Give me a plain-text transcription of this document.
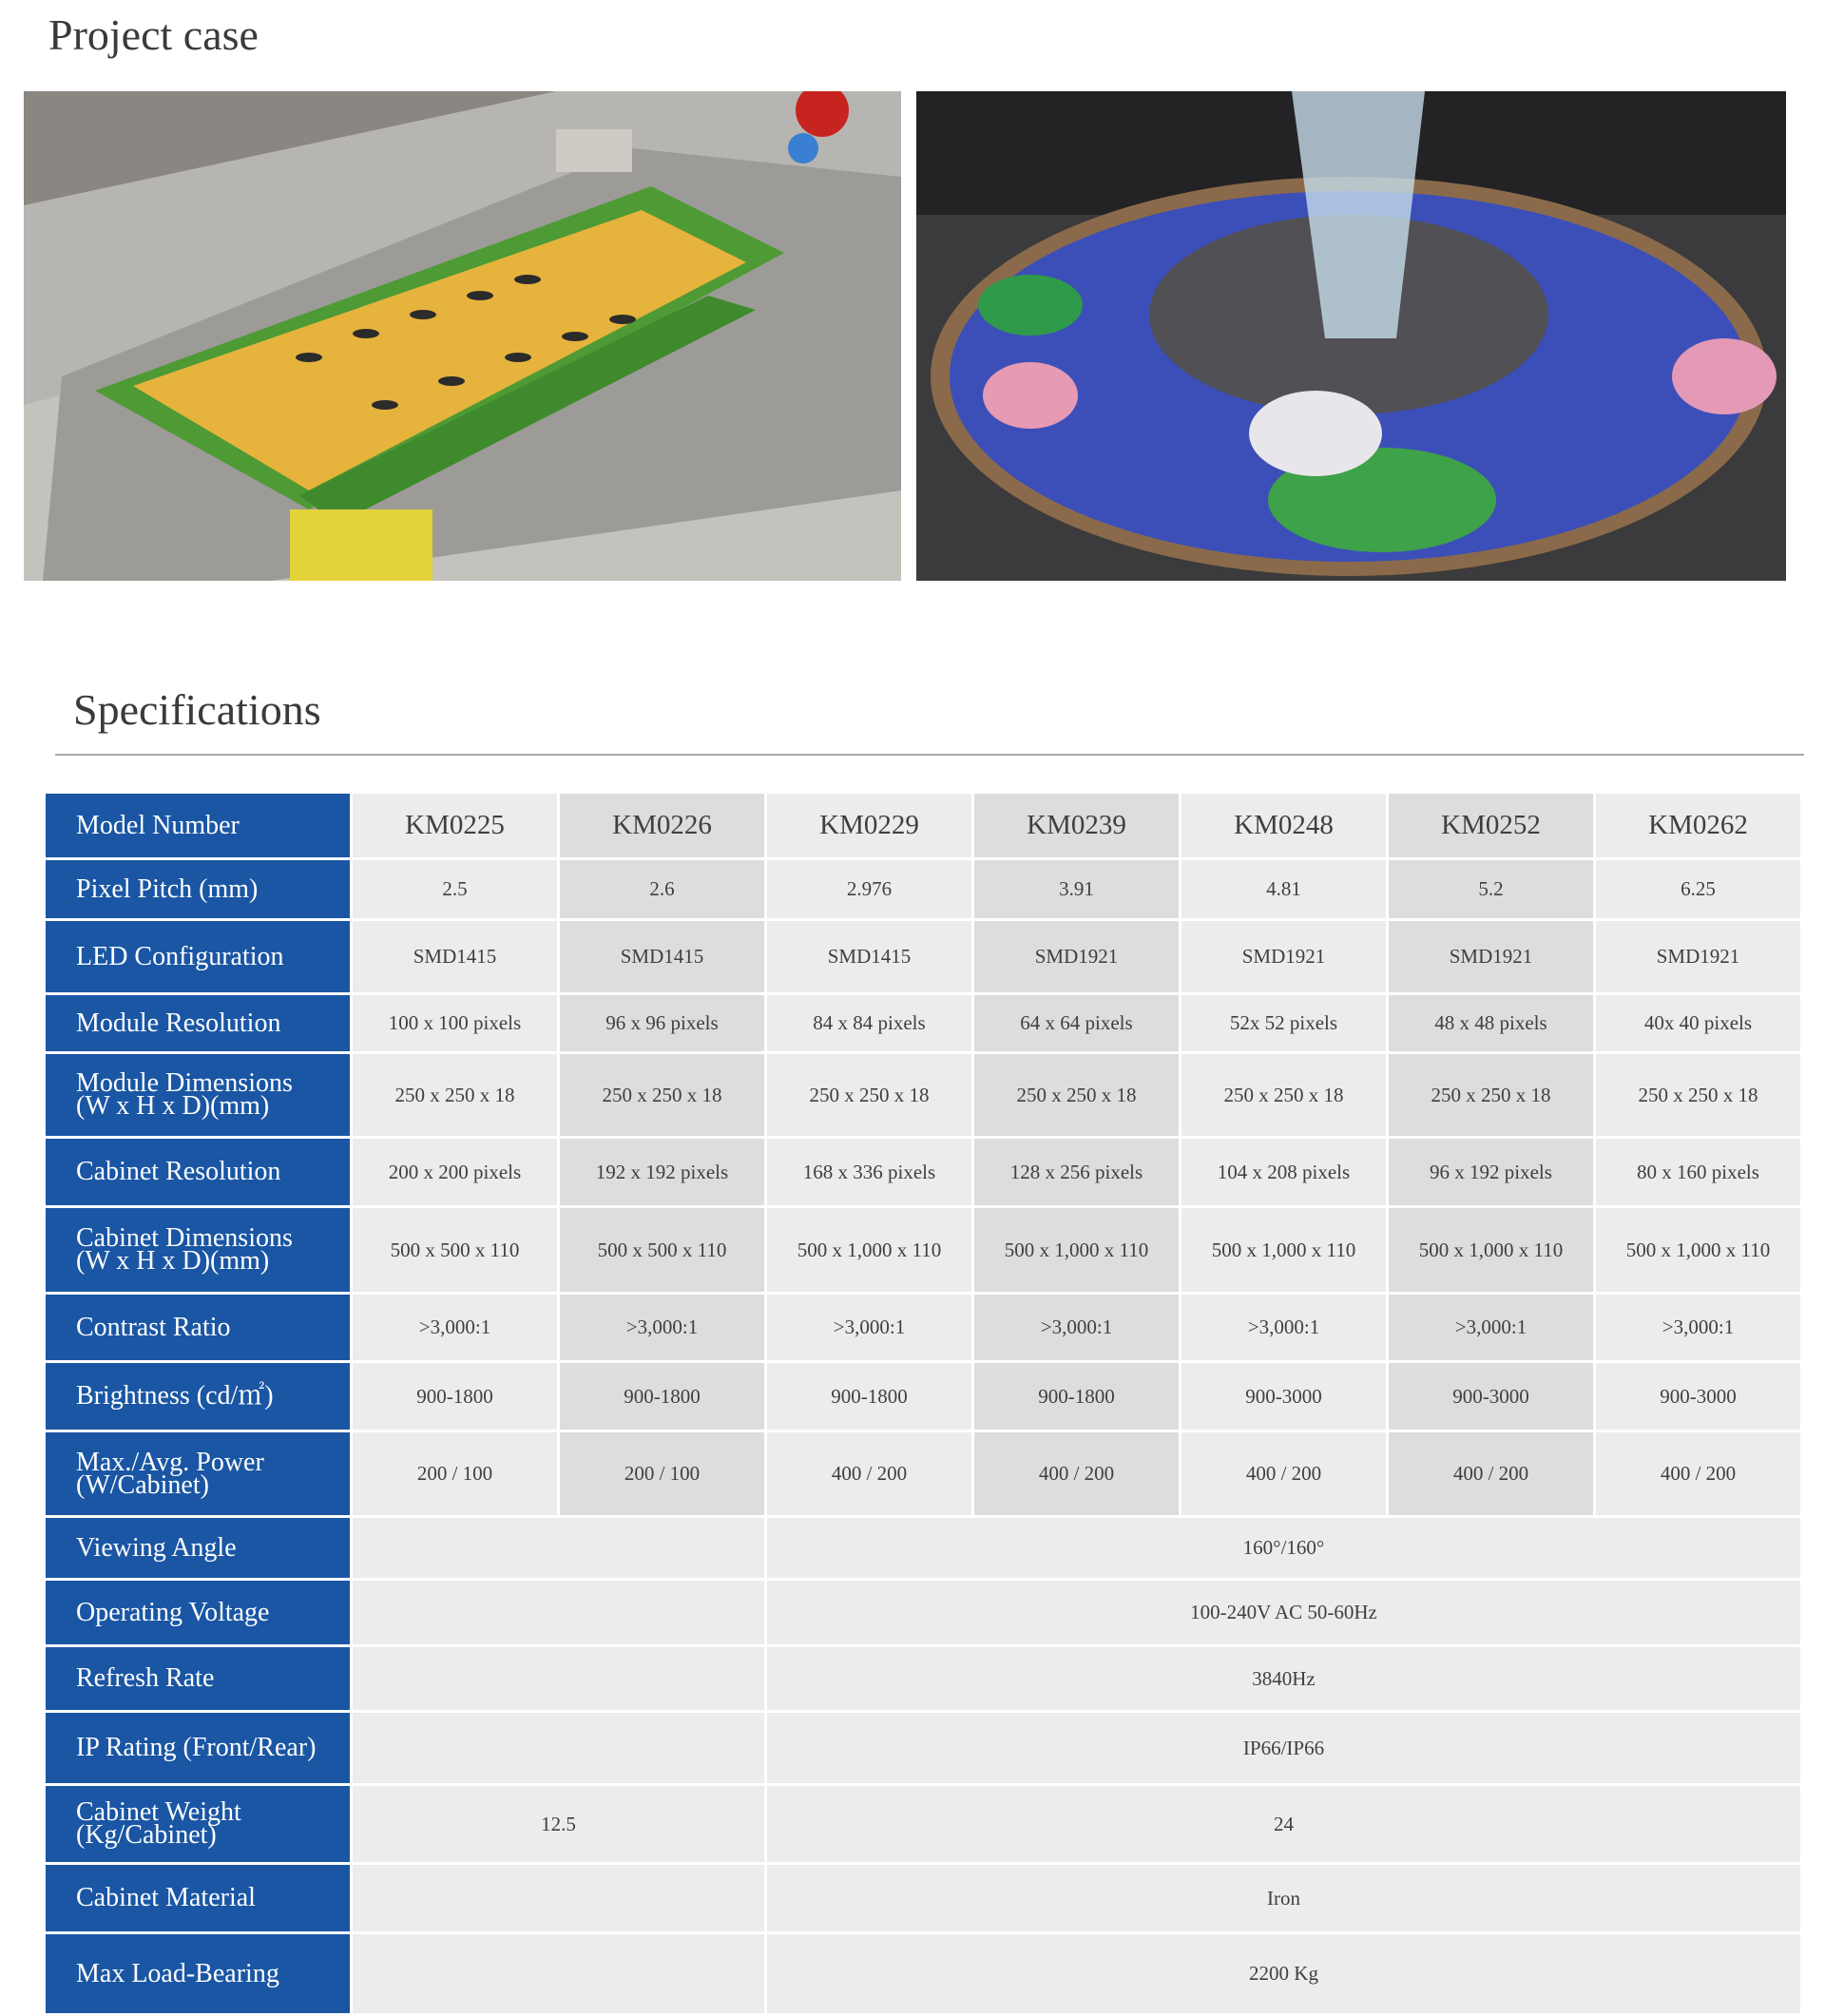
Project case
Specifications
Model Number	KM0225	KM0226	KM0229	KM0239	KM0248	KM0252	KM0262
Pixel Pitch (mm)	2.5	2.6	2.976	3.91	4.81	5.2	6.25
LED Configuration	SMD1415	SMD1415	SMD1415	SMD1921	SMD1921	SMD1921	SMD1921
Module Resolution	100 x 100 pixels	96 x 96 pixels	84 x 84 pixels	64 x 64 pixels	52x 52 pixels	48 x 48 pixels	40x 40 pixels
Module Dimensions
(W x H x D)(mm)	250 x 250 x 18	250 x 250 x 18	250 x 250 x 18	250 x 250 x 18	250 x 250 x 18	250 x 250 x 18	250 x 250 x 18
Cabinet Resolution	200 x 200 pixels	192 x 192 pixels	168 x 336 pixels	128 x 256 pixels	104 x 208 pixels	96 x 192 pixels	80 x 160 pixels
Cabinet Dimensions
(W x H x D)(mm)	500 x 500 x 110	500 x 500 x 110	500 x 1,000 x 110	500 x 1,000 x 110	500 x 1,000 x 110	500 x 1,000 x 110	500 x 1,000 x 110
Contrast Ratio	>3,000:1	>3,000:1	>3,000:1	>3,000:1	>3,000:1	>3,000:1	>3,000:1
Brightness (cd/㎡)	900-1800	900-1800	900-1800	900-1800	900-3000	900-3000	900-3000
Max./Avg. Power
(W/Cabinet)	200 / 100	200 / 100	400 / 200	400 / 200	400 / 200	400 / 200	400 / 200
Viewing Angle			160°/160°				
Operating Voltage			100-240V AC 50-60Hz				
Refresh Rate			3840Hz				
IP Rating (Front/Rear)			IP66/IP66				
Cabinet Weight
(Kg/Cabinet)	12.5		24				
Cabinet Material			Iron				
Max Load-Bearing			2200 Kg				
